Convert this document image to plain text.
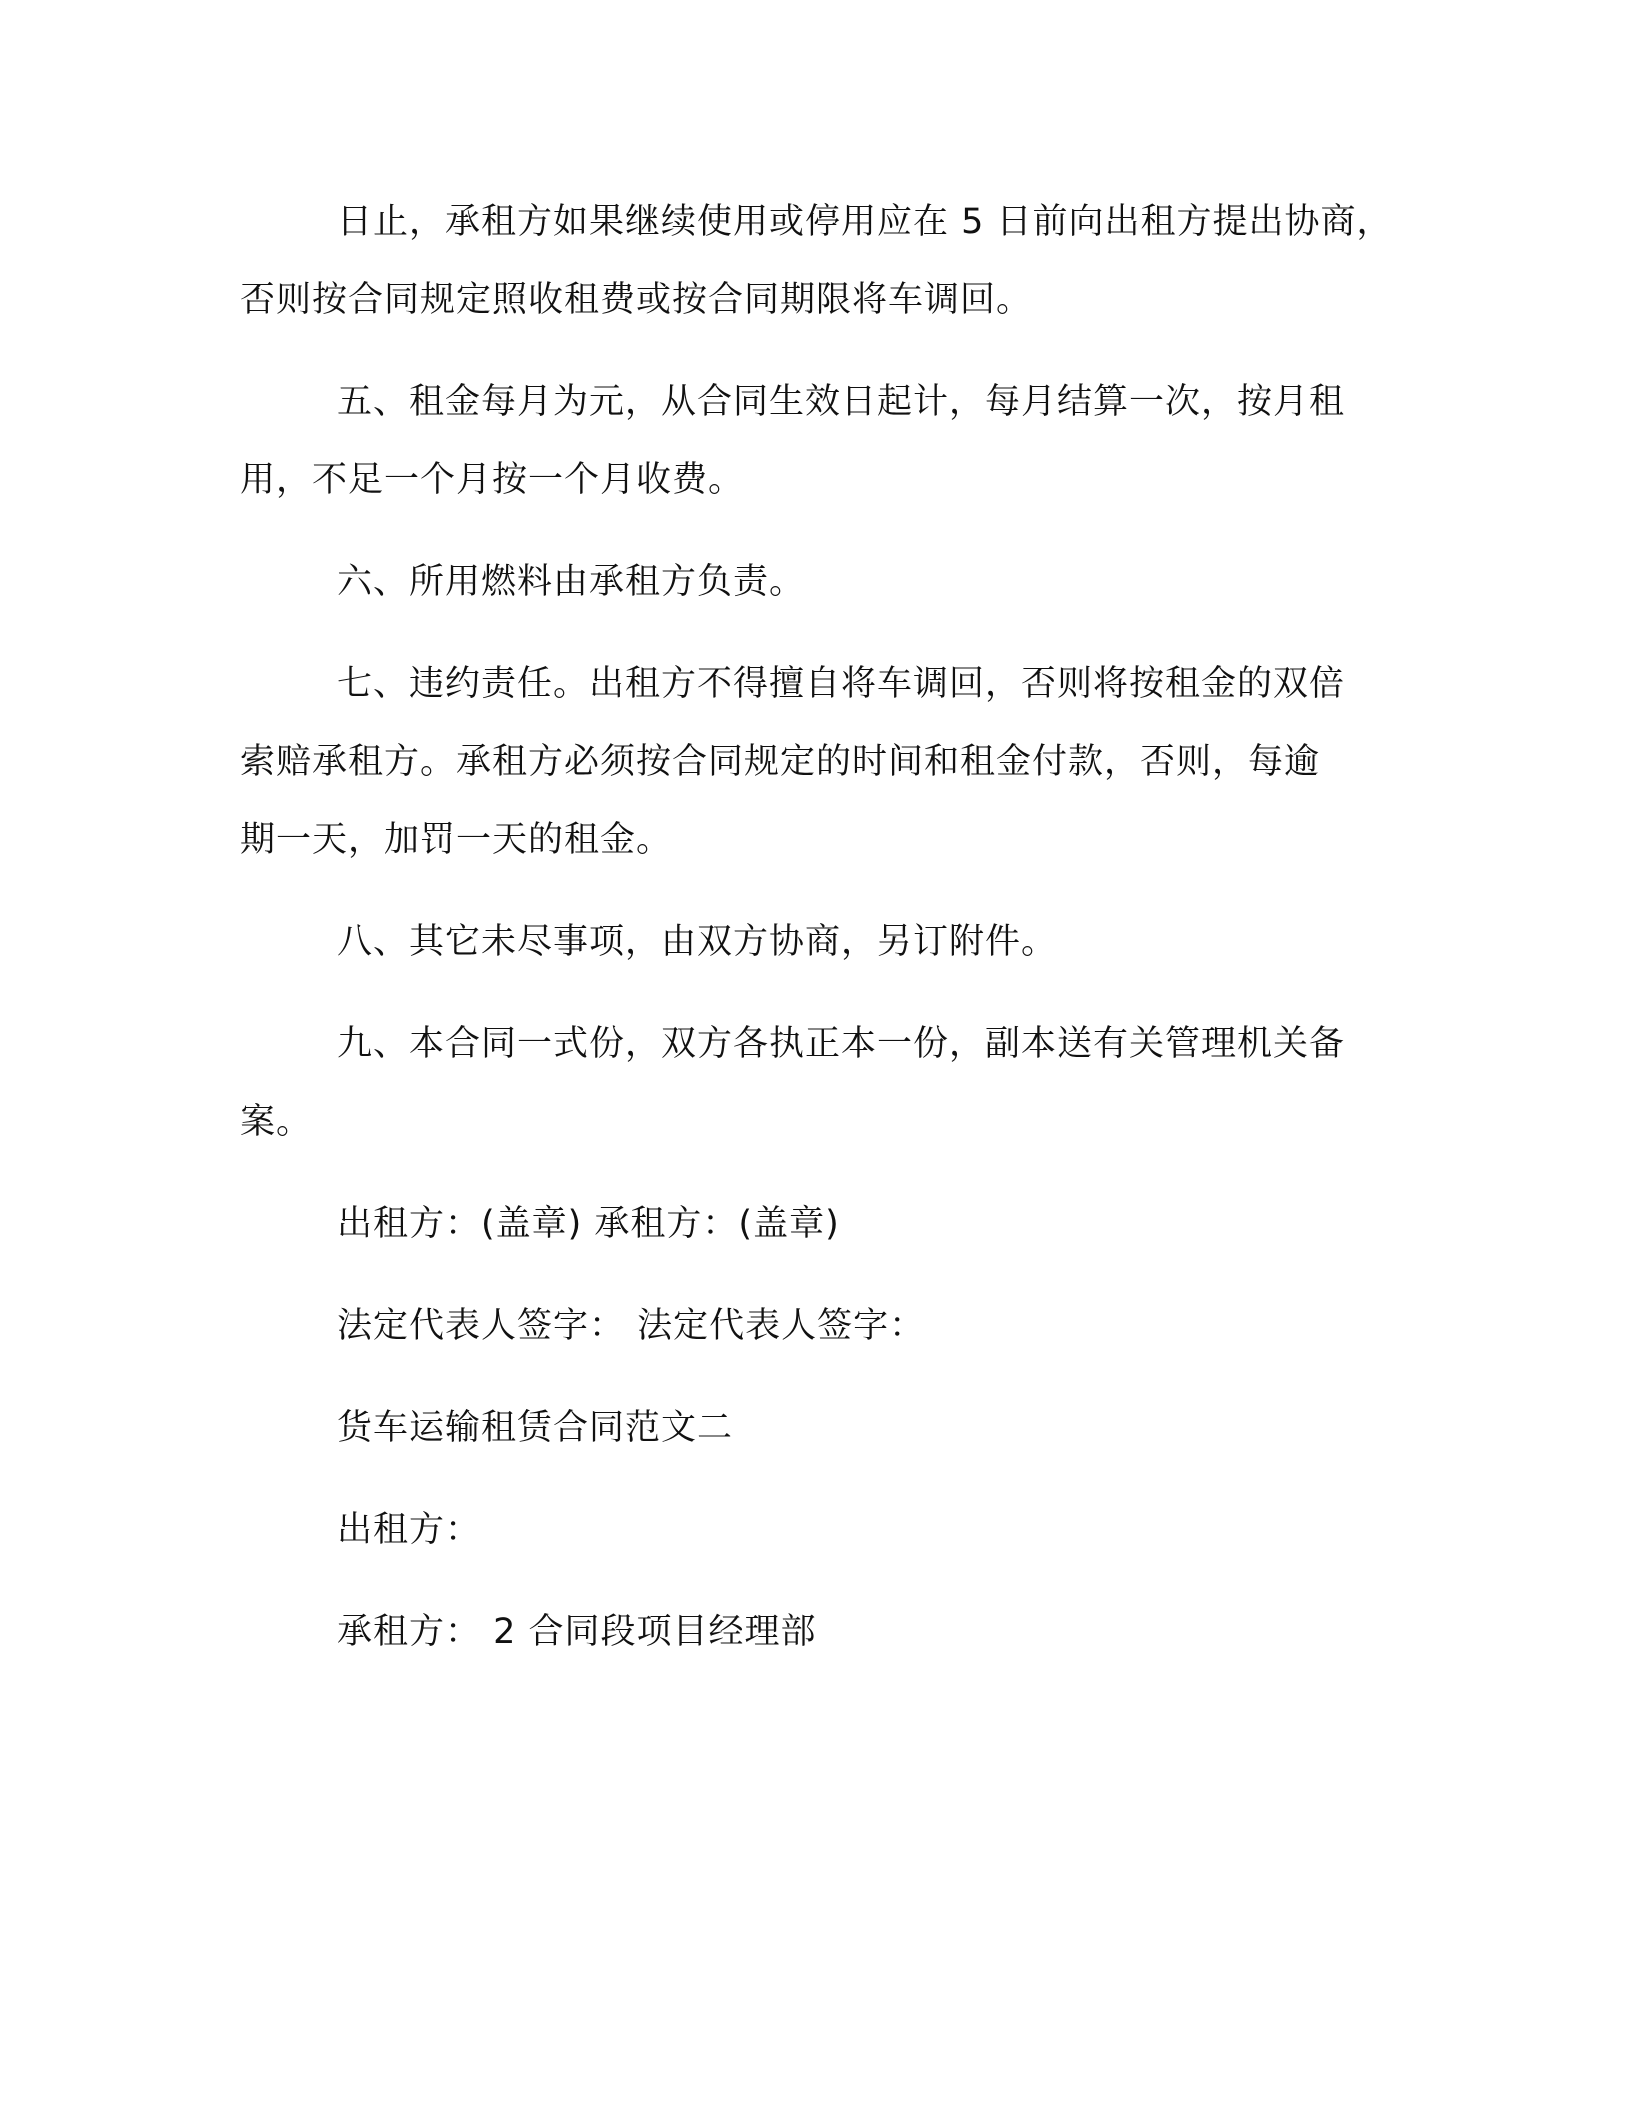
日止，承租方如果继续使用或停用应在 5 日前向出租方提出协商，
否则按合同规定照收租费或按合同期限将车调回。

五、租金每月为元，从合同生效日起计，每月结算一次，按月租
用，不足一个月按一个月收费。

六、所用燃料由承租方负责。

七、违约责任。出租方不得擅自将车调回，否则将按租金的双倍
索赔承租方。承租方必须按合同规定的时间和租金付款，否则，每逾
期一天，加罚一天的租金。

八、其它未尽事项，由双方协商，另订附件。

九、本合同一式份，双方各执正本一份，副本送有关管理机关备
案。

出租方：(盖章) 承租方：(盖章)

法定代表人签字： 法定代表人签字：

货车运输租赁合同范文二

出租方：

承租方： 2 合同段项目经理部
